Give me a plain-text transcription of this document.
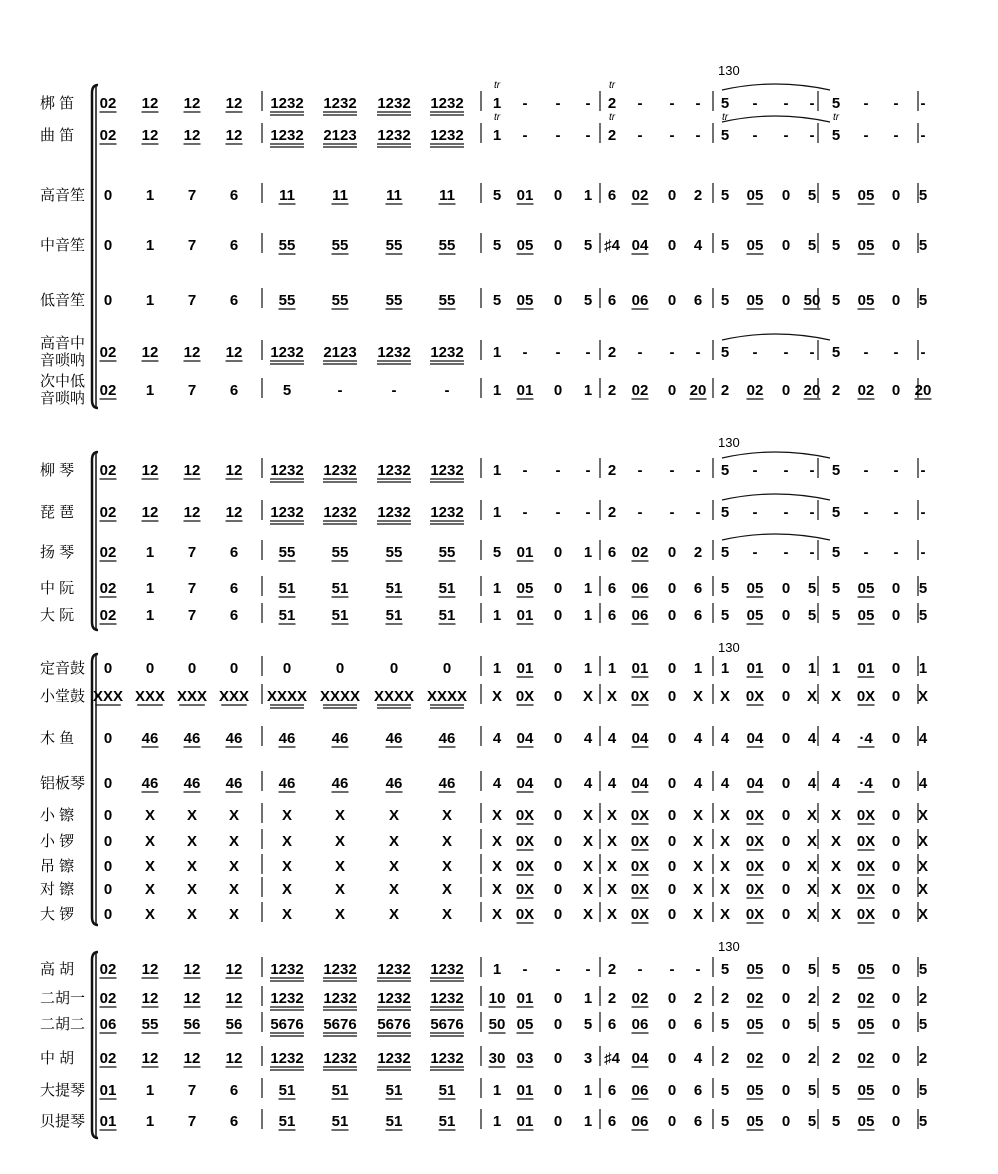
130
梆 笛 02 12 12 12 1232 1232 1232 1232 1 - - - 2 - - - 5 - - - 5 - - -
曲 笛 02 12 12 12 1232 2123 1232 1232 1 - - - 2 - - - 5 - - - 5 - - -
高音笙 0 1 7 6	11 11	11 11	5 01 0 1 6 02 0 2 5 05 0 5 5 05 0 5
中音笙 0 1 7 6	55 55 55 55 5 05 0 5 ♯4 04 0 4 5 05 0 5 5 05 0 5
低音笙 0 1 7 6	55 55 55 55 5 05 0 5 6 06 0 6 5 05 0 50 5 05 0 5
高音中
音唢呐 02 12 12 12 1232 2123 1232 1232 1 - - - 2 - - - 5 - - - 5 - - -
次中低
音唢呐 02 1 7 6	5	-	-	-	1 01 0 1 2 02 0 20 2 02 0 20 2 02 0 20
tr	tr
tr	tr	tr	tr
130
柳 琴 02 12 12 12 1232 1232 1232 1232 1 - - - 2 - - - 5 - - - 5 - - -
琵 琶 02 12 12 12 1232 1232 1232 1232 1 - - - 2 - - - 5 - - - 5 - - -
扬 琴 02 1 7 6	55 55 55 55 5 01 0 1 6 02 0 2 5 - - - 5 - - -
中 阮 02 1 7 6	51 51 51 51 1 05 0 1 6 06 0 6 5 05 0 5 5 05 0 5
大 阮 02 1 7 6	51 51 51 51 1 01 0 1 6 06 0 6 5 05 0 5 5 05 0 5
130
定音鼓 0 0 0 0	0	0	0	0	1 01 0 1 1 01 0 1 1 01 0 1 1 01 0 1
小堂鼓 XXX XXX XXX XXX XXXX XXXX XXXX XXXX X 0X 0 X X 0X 0 X X 0X 0 X X 0X 0 X
木 鱼 0 46 46 46 46 46 46 46 4 04 0 4 4 04 0 4 4 04 0 4 4 ·4 0 4
铝板琴 0 46 46 46 46 46 46 46 4 04 0 4 4 04 0 4 4 04 0 4 4 ·4 0 4
小 镲 0 X X X	X	X	X	X	X 0X 0 X X 0X 0 X X 0X 0 X X 0X 0 X
小 锣 0 X X X	X	X	X	X	X 0X 0 X X 0X 0 X X 0X 0 X X 0X 0 X
吊 镲 0 X X X	X	X	X	X	X 0X 0 X X 0X 0 X X 0X 0 X X 0X 0 X
对 镲 0 X X X	X	X	X	X	X 0X 0 X X 0X 0 X X 0X 0 X X 0X 0 X
大 锣 0 X X X	X	X	X	X	X 0X 0 X X 0X 0 X X 0X 0 X X 0X 0 X
130
高 胡 02 12 12 12 1232 1232 1232 1232 1 - - - 2 - - - 5 05 0 5 5 05 0 5
二胡一 02 12 12 12 1232 1232 1232 1232 10 01 0 1 2 02 0 2 2 02 0 2 2 02 0 2
二胡二 06 55 56 56 5676 5676 5676 5676 50 05 0 5 6 06 0 6 5 05 0 5 5 05 0 5
中 胡 02 12 12 12 1232 1232 1232 1232 30 03 0 3 ♯4 04 0 4 2 02 0 2 2 02 0 2
大提琴 01 1 7 6	51 51 51 51 1 01 0 1 6 06 0 6 5 05 0 5 5 05 0 5
贝提琴 01 1 7 6	51 51 51 51 1 01 0 1 6 06 0 6 5 05 0 5 5 05 0 5
